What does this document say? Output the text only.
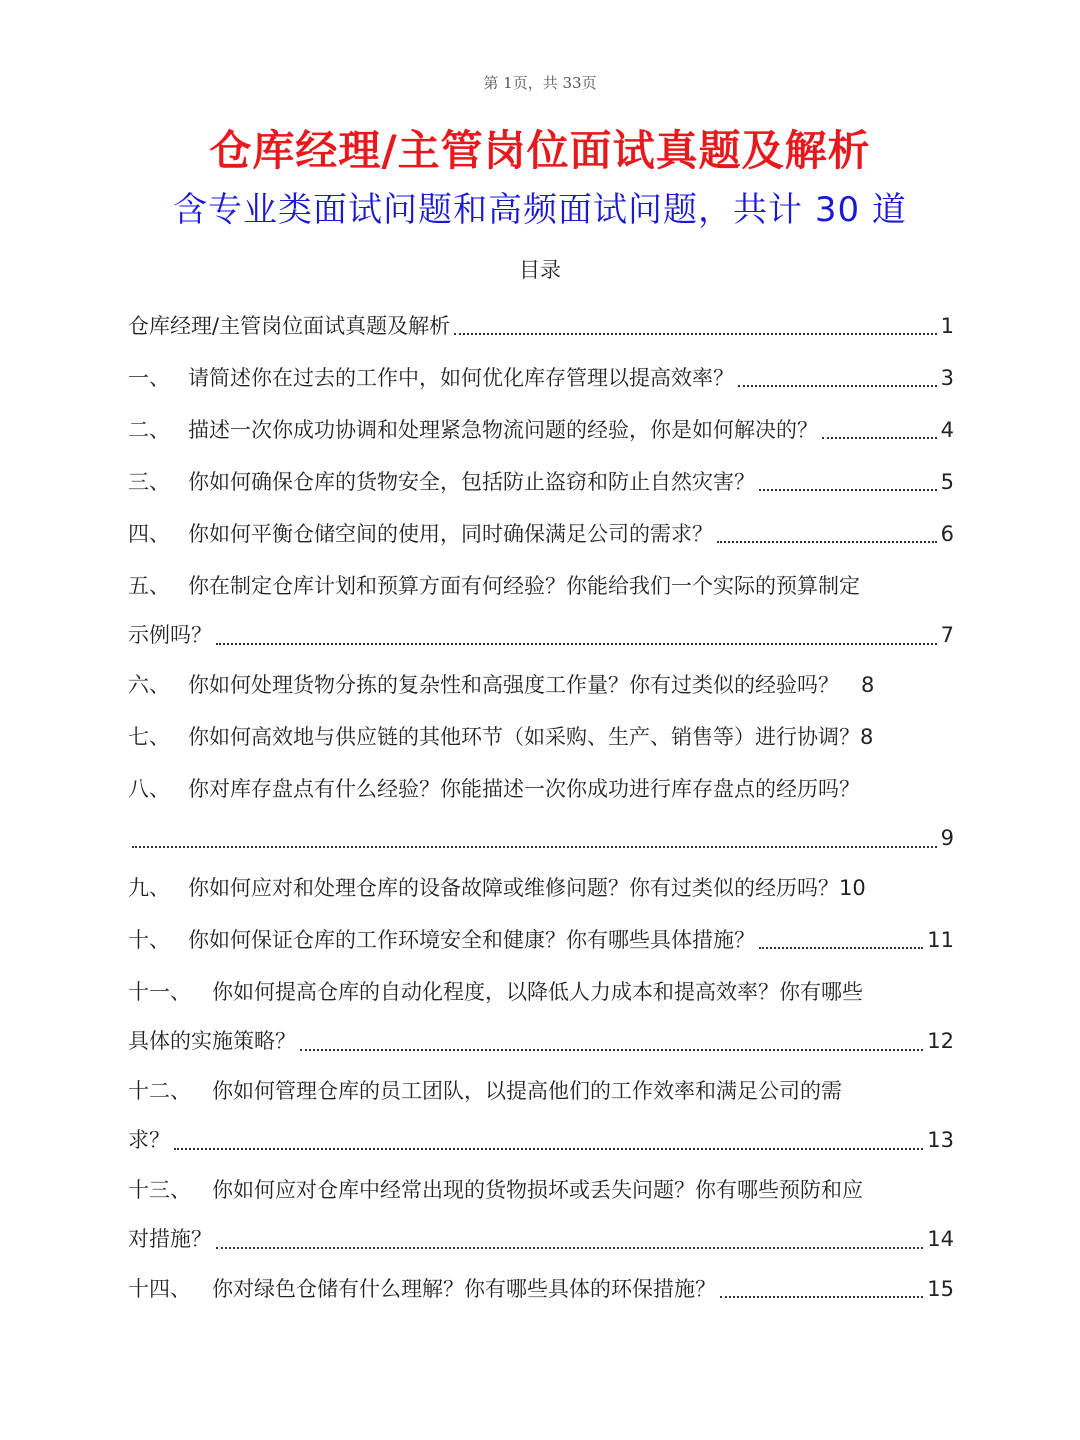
第 1页，共 33页
仓库经理/主管岗位面试真题及解析
含专业类面试问题和高频面试问题，共计 30 道
目录
仓库经理/主管岗位面试真题及解析	1
一、 请简述你在过去的工作中，如何优化库存管理以提高效率？	3
二、 描述一次你成功协调和处理紧急物流问题的经验，你是如何解决的？	4
三、 你如何确保仓库的货物安全，包括防止盗窃和防止自然灾害？	5
四、 你如何平衡仓储空间的使用，同时确保满足公司的需求？	6
五、 你在制定仓库计划和预算方面有何经验？你能给我们一个实际的预算制定
示例吗？	7
六、 你如何处理货物分拣的复杂性和高强度工作量？你有过类似的经验吗？ 8
七、 你如何高效地与供应链的其他环节（如采购、生产、销售等）进行协调？ 8
八、 你对库存盘点有什么经验？你能描述一次你成功进行库存盘点的经历吗？
9
九、 你如何应对和处理仓库的设备故障或维修问题？你有过类似的经历吗？ 10
十、 你如何保证仓库的工作环境安全和健康？你有哪些具体措施？	11
十一、	你如何提高仓库的自动化程度，以降低人力成本和提高效率？你有哪些
具体的实施策略？	12
十二、	你如何管理仓库的员工团队，以提高他们的工作效率和满足公司的需
求？	13
十三、	你如何应对仓库中经常出现的货物损坏或丢失问题？你有哪些预防和应
对措施？	14
十四、	你对绿色仓储有什么理解？你有哪些具体的环保措施？	15
